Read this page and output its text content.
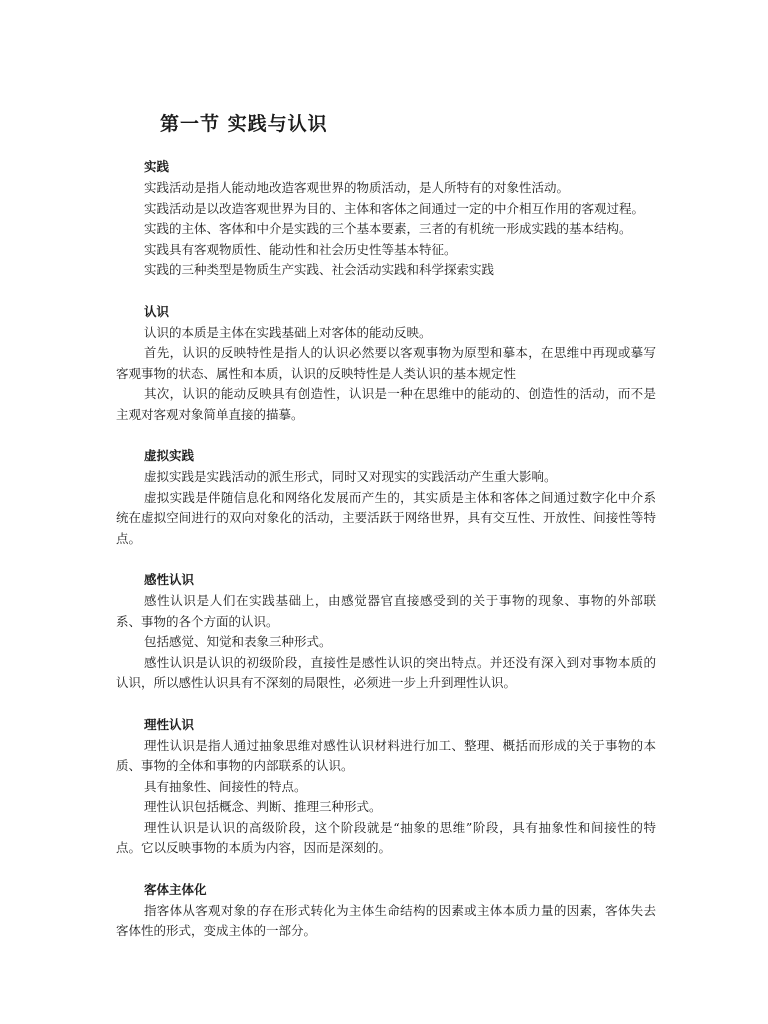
第一节 实践与认识
实践

实践活动是指人能动地改造客观世界的物质活动，是人所特有的对象性活动。

实践活动是以改造客观世界为目的、主体和客体之间通过一定的中介相互作用的客观过程。

实践的主体、客体和中介是实践的三个基本要素，三者的有机统一形成实践的基本结构。

实践具有客观物质性、能动性和社会历史性等基本特征。

实践的三种类型是物质生产实践、社会活动实践和科学探索实践

认识

认识的本质是主体在实践基础上对客体的能动反映。

首先，认识的反映特性是指人的认识必然要以客观事物为原型和摹本，在思维中再现或摹写客观事物的状态、属性和本质，认识的反映特性是人类认识的基本规定性

其次，认识的能动反映具有创造性，认识是一种在思维中的能动的、创造性的活动，而不是主观对客观对象简单直接的描摹。

虚拟实践

虚拟实践是实践活动的派生形式，同时又对现实的实践活动产生重大影响。

虚拟实践是伴随信息化和网络化发展而产生的，其实质是主体和客体之间通过数字化中介系统在虚拟空间进行的双向对象化的活动，主要活跃于网络世界，具有交互性、开放性、间接性等特点。

感性认识

感性认识是人们在实践基础上，由感觉器官直接感受到的关于事物的现象、事物的外部联系、事物的各个方面的认识。

包括感觉、知觉和表象三种形式。

感性认识是认识的初级阶段，直接性是感性认识的突出特点。并还没有深入到对事物本质的认识，所以感性认识具有不深刻的局限性，必须进一步上升到理性认识。

理性认识

理性认识是指人通过抽象思维对感性认识材料进行加工、整理、概括而形成的关于事物的本质、事物的全体和事物的内部联系的认识。

具有抽象性、间接性的特点。

理性认识包括概念、判断、推理三种形式。

理性认识是认识的高级阶段，这个阶段就是“抽象的思维”阶段，具有抽象性和间接性的特点。它以反映事物的本质为内容，因而是深刻的。

客体主体化

指客体从客观对象的存在形式转化为主体生命结构的因素或主体本质力量的因素，客体失去客体性的形式，变成主体的一部分。
